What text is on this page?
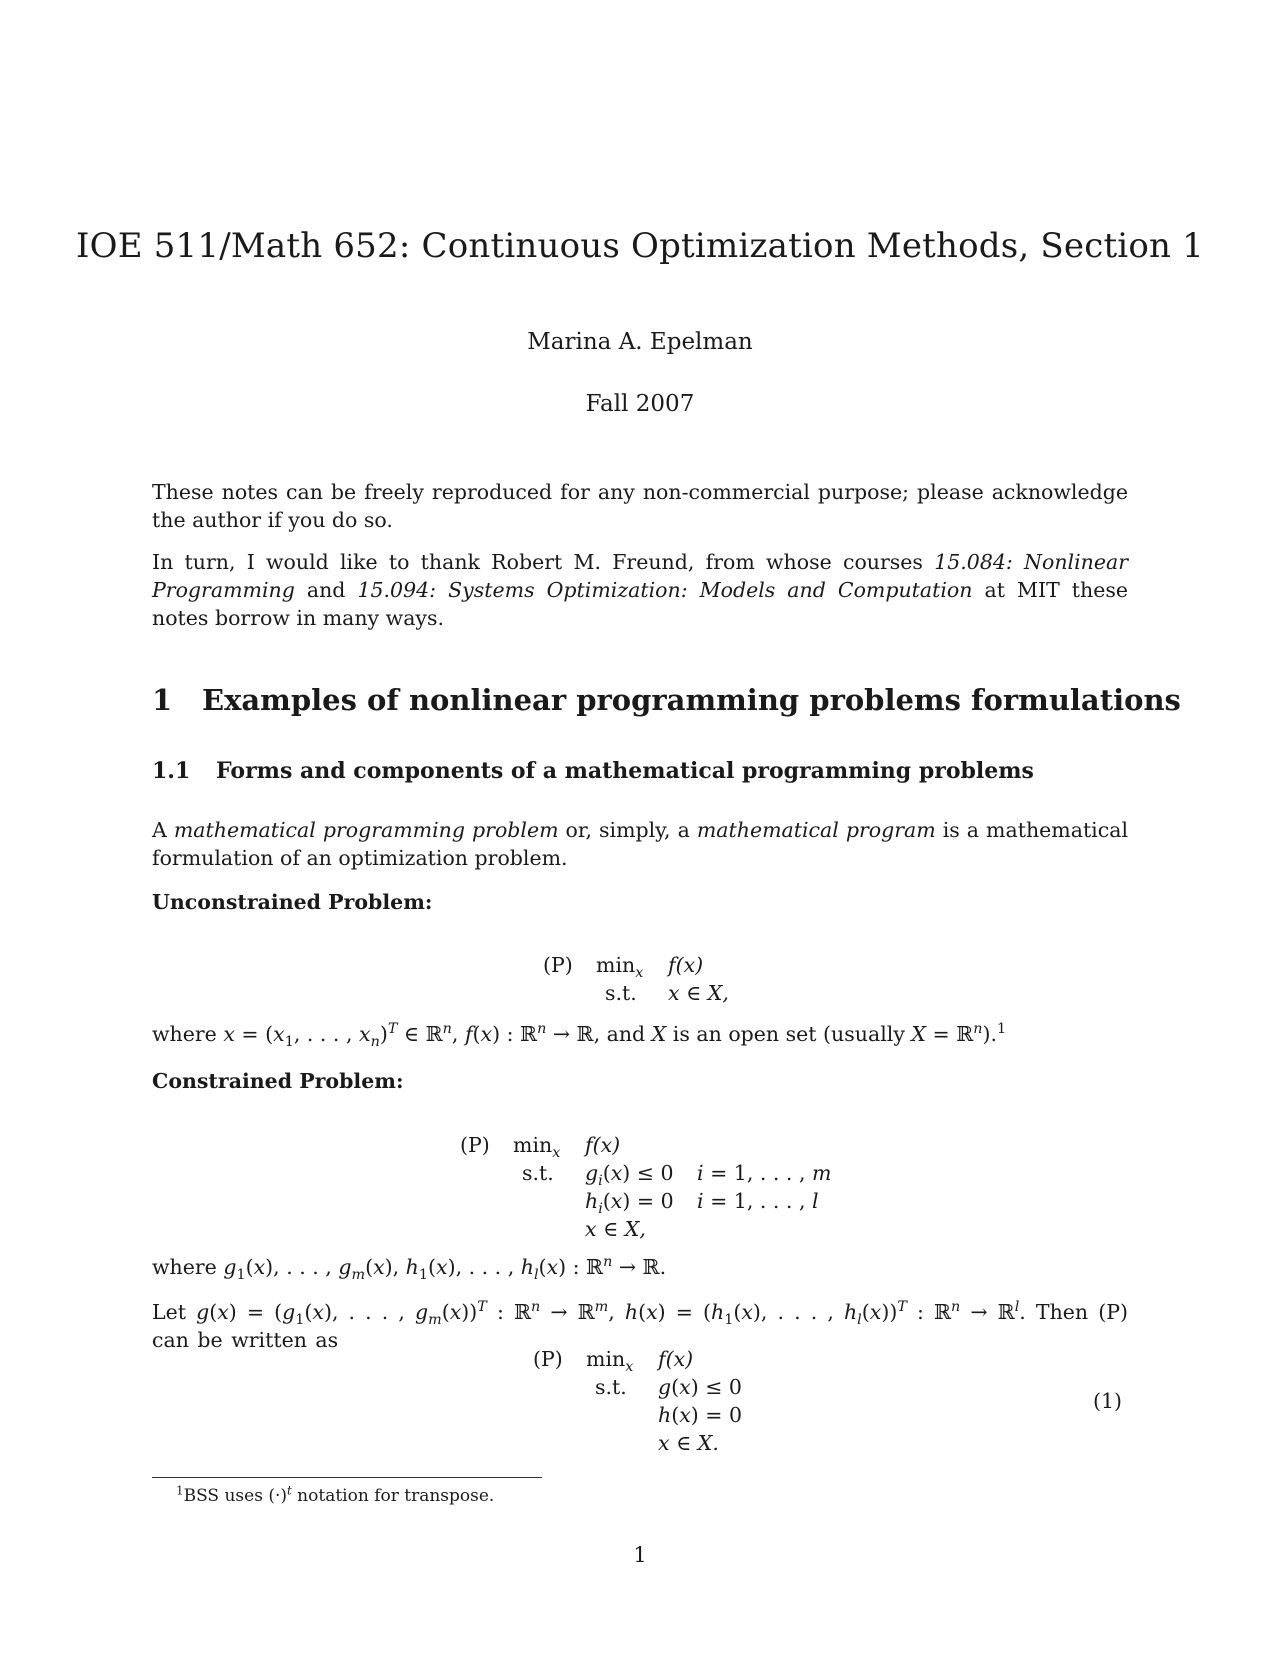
IOE 511/Math 652: Continuous Optimization Methods, Section 1
Marina A. Epelman
Fall 2007

These notes can be freely reproduced for any non-commercial purpose; please acknowledge the author if you do so.

In turn, I would like to thank Robert M. Freund, from whose courses 15.084: Nonlinear Programming and 15.094: Systems Optimization: Models and Computation at MIT these notes borrow in many ways.

1 Examples of nonlinear programming problems formulations
1.1 Forms and components of a mathematical programming problems

A mathematical programming problem or, simply, a mathematical program is a mathematical formulation of an optimization problem.

Unconstrained Problem:
(P) $\min_x f(x)$
s.t. x ∈ X,
where $x = (x_1$, . . . , $x_n)^T$ ∈ ℝ$^n$, f(x) : ℝ$^n$ → ℝ, and X is an open set (usually X = ℝ$^n$).$^1$
Constrained Problem:
(P) $\min_x f(x)$
s.t. $g_i(x) \le 0$ i = 1, . . . , m
$h_i(x) = 0$ i = 1, . . . , l
x ∈ X,
where $g_1(x)$, . . . , $g_m(x)$, $h_1(x)$, . . . , $h_l(x)$ : ℝ$^n$ → ℝ.

Let $g(x) = (g_1(x)$, . . . , $g_m(x))^T$ : ℝ$^n$ → ℝ$^m$, $h(x) = (h_1(x)$, . . . , $h_l(x))^T$ : ℝ$^n$ → ℝ$^l$. Then (P) can be written as

(P) $\min_x f(x)$
s.t. g(x) ≤ 0
h(x) = 0
x ∈ X.
(1)
$^1$BSS uses $(\cdot)^t$ notation for transpose.
1
